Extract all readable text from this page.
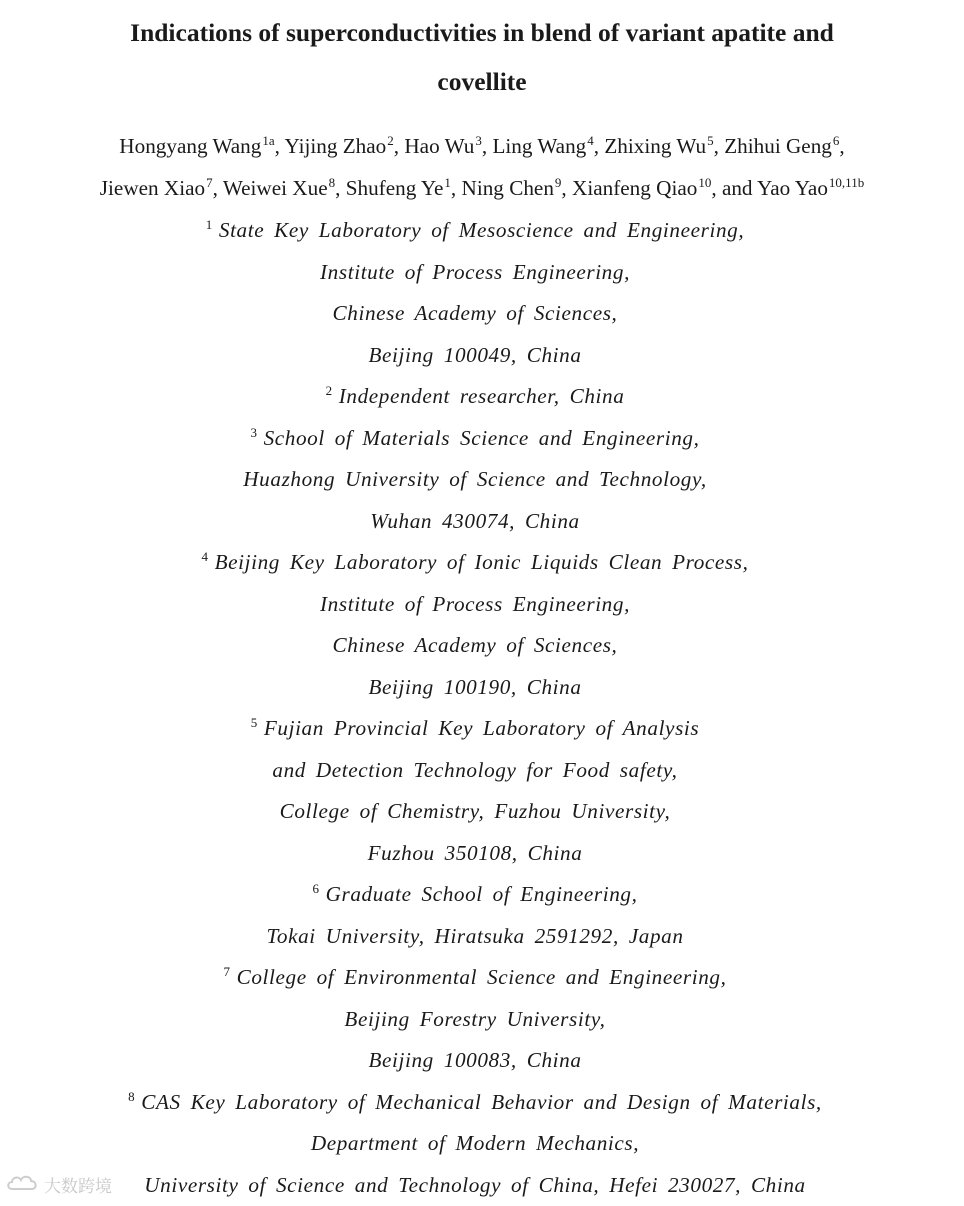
Indications of superconductivities in blend of variant apatite and
covellite
Hongyang Wang$^{1a}$, Yijing Zhao$^2$, Hao Wu$^3$, Ling Wang$^4$, Zhixing Wu$^5$, Zhihui Geng$^6$,
Jiewen Xiao$^7$, Weiwei Xue$^8$, Shufeng Ye$^1$, Ning Chen$^9$, Xianfeng Qiao$^{10}$, and Yao Yao$^{10,11b}$
$^1$ State Key Laboratory of Mesoscience and Engineering,
Institute of Process Engineering,
Chinese Academy of Sciences,
Beijing 100049, China
$^2$ Independent researcher, China
$^3$ School of Materials Science and Engineering,
Huazhong University of Science and Technology,
Wuhan 430074, China
$^4$ Beijing Key Laboratory of Ionic Liquids Clean Process,
Institute of Process Engineering,
Chinese Academy of Sciences,
Beijing 100190, China
$^5$ Fujian Provincial Key Laboratory of Analysis
and Detection Technology for Food safety,
College of Chemistry, Fuzhou University,
Fuzhou 350108, China
$^6$ Graduate School of Engineering,
Tokai University, Hiratsuka 2591292, Japan
$^7$ College of Environmental Science and Engineering,
Beijing Forestry University,
Beijing 100083, China
$^8$ CAS Key Laboratory of Mechanical Behavior and Design of Materials,
Department of Modern Mechanics,
University of Science and Technology of China, Hefei 230027, China
大数跨境
